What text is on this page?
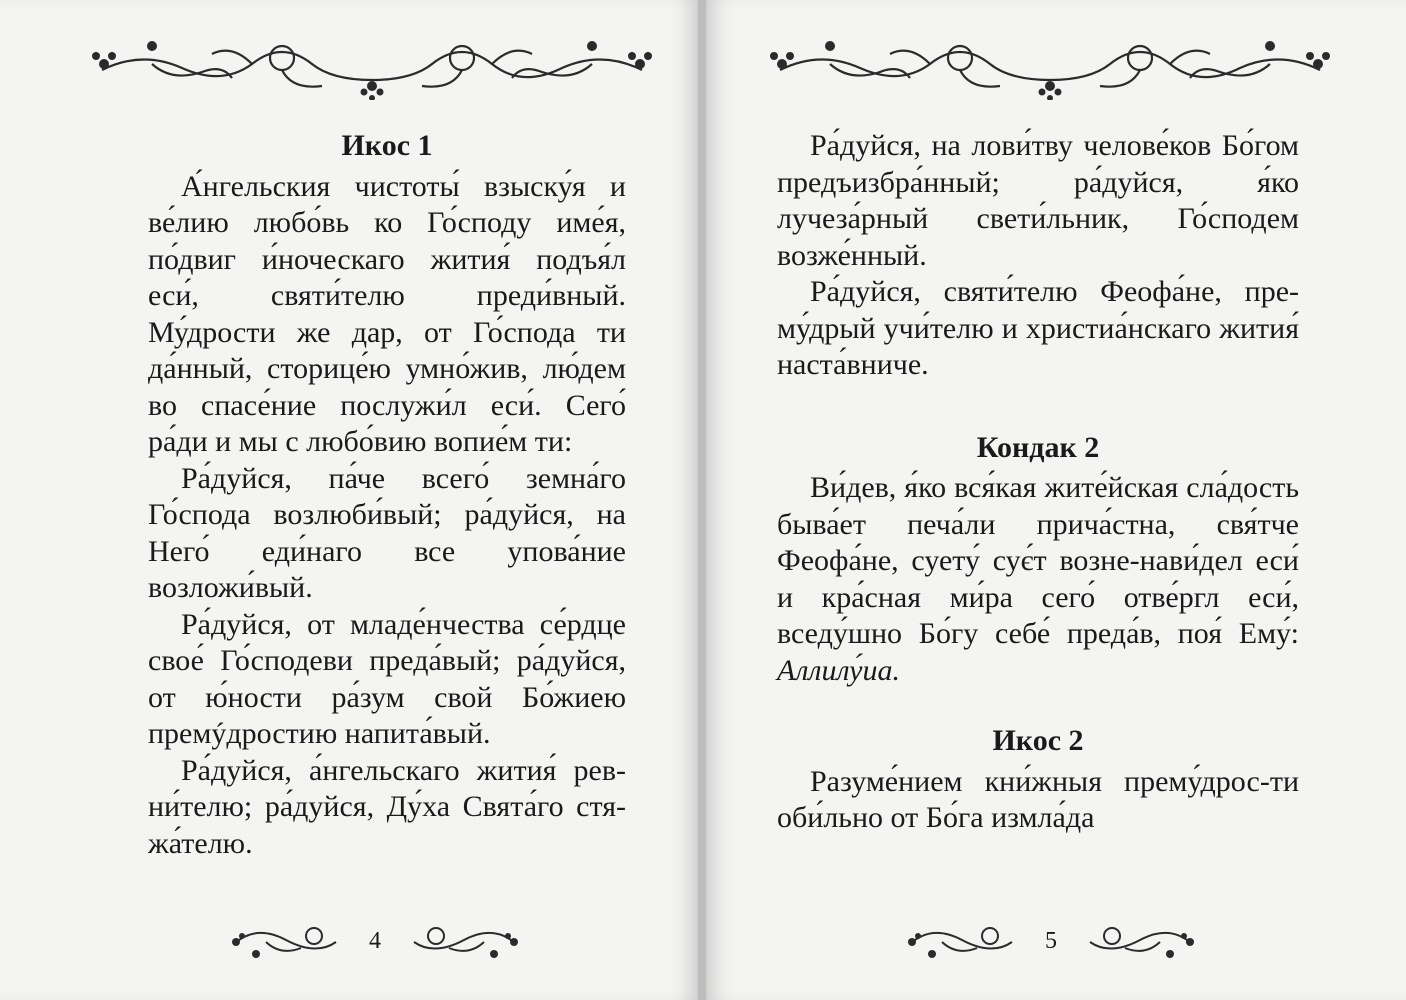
Икос 1

А́нгельския чистоты́ взыску́я и ве́лию любо́вь ко Го́споду име́я, по́двиг и́ноческаго жития́ подъя́л еси́, святи́телю преди́вный. Му́дрости же дар, от Го́спода ти да́нный, сторице́ю умно́жив, лю́дем во спасе́ние послужи́л еси́. Сего́ ра́ди и мы с любо́вию вопие́м ти:

Ра́дуйся, па́че всего́ земна́го Го́спода возлюби́вый; ра́дуйся, на Него́ еди́наго все упова́ние возложи́вый.

Ра́дуйся, от младе́нчества се́рдце свое́ Го́сподеви преда́вый; ра́дуйся, от ю́ности ра́зум свой Бо́жиею премýдростию напита́вый.

Ра́дуйся, а́нгельскаго жития́ рев-ни́телю; ра́дуйся, Ду́ха Свята́го стя-жа́телю.

4

Ра́дуйся, на лови́тву челове́ков Бо́гом предъизбра́нный; ра́дуйся, я́ко лучеза́рный свети́льник, Го́сподем возже́нный.

Ра́дуйся, святи́телю Феофа́не, пре-му́дрый учи́телю и христиа́нскаго жития́ наста́вниче.

Кондак 2

Ви́дев, я́ко вся́кая жите́йская сла́дость быва́ет печа́ли прича́стна, свя́тче Феофа́не, суету́ сує́т возне-нави́дел еси́ и кра́сная ми́ра сего́ отве́ргл еси́, вседу́шно Бо́гу себе́ преда́в, поя́ Ему́: Аллилу́иа.

Икос 2

Разуме́нием кни́жныя прему́дрос-ти оби́льно от Бо́га измла́да

5
